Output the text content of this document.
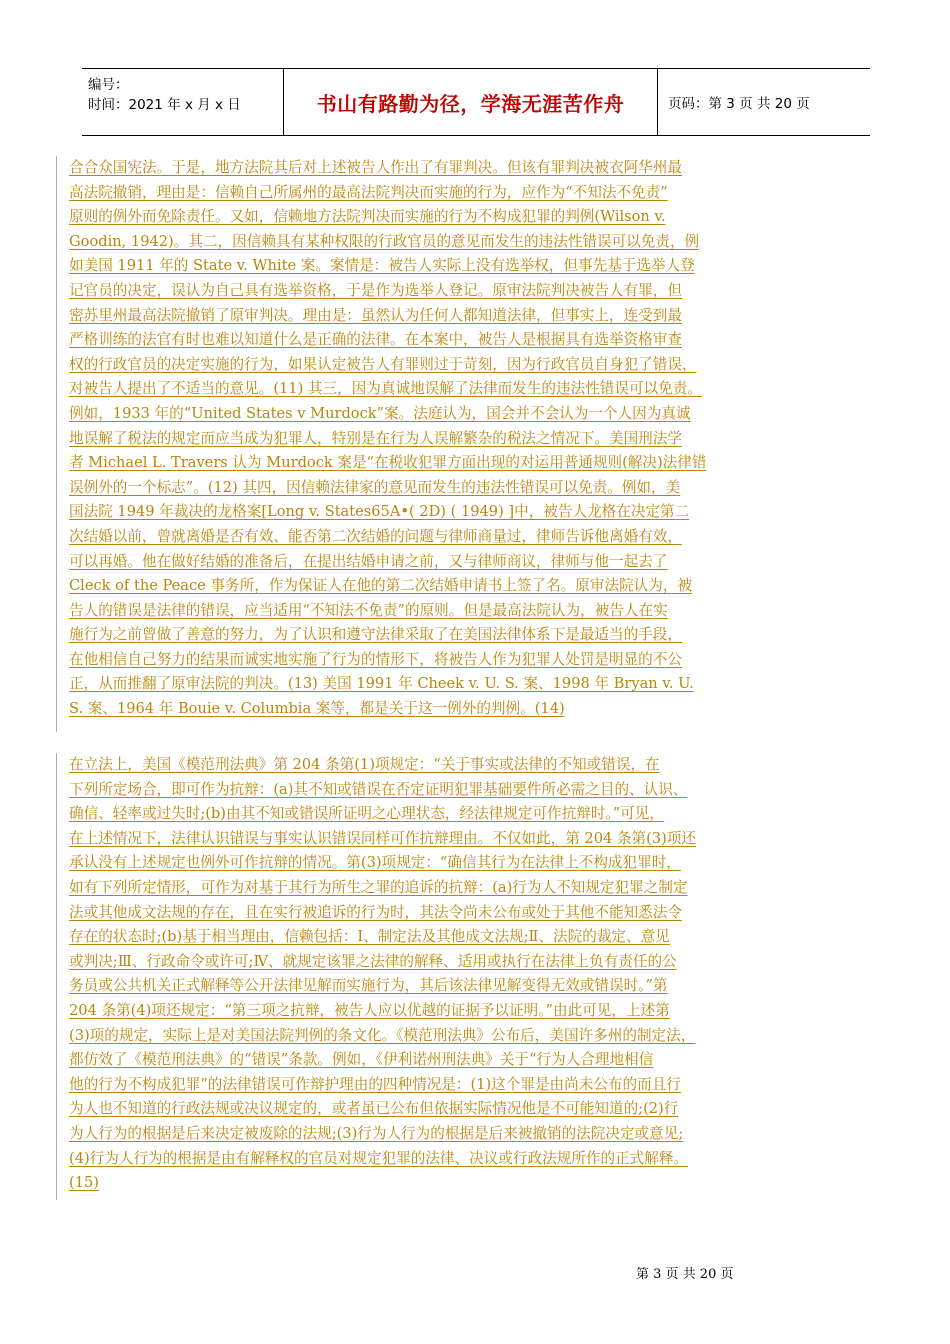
编号：
时间：2021 年 x 月 x 日	书山有路勤为径，学海无涯苦作舟	页码：第 3 页 共 20 页

合合众国宪法。于是，地方法院其后对上述被告人作出了有罪判决。但该有罪判决被衣阿华州最
高法院撤销，理由是：信赖自己所属州的最高法院判决而实施的行为，应作为“不知法不免责”
原则的例外而免除责任。又如，信赖地方法院判决而实施的行为不构成犯罪的判例(Wilson v.
Goodin, 1942)。其二，因信赖具有某种权限的行政官员的意见而发生的违法性错误可以免责，例
如美国 1911 年的 State v. White 案。案情是：被告人实际上没有选举权，但事先基于选举人登
记官员的决定，误认为自己具有选举资格，于是作为选举人登记。原审法院判决被告人有罪，但
密苏里州最高法院撤销了原审判决。理由是：虽然认为任何人都知道法律，但事实上，连受到最
严格训练的法官有时也难以知道什么是正确的法律。在本案中，被告人是根据具有选举资格审查
权的行政官员的决定实施的行为，如果认定被告人有罪则过于苛刻，因为行政官员自身犯了错误，
对被告人提出了不适当的意见。(11) 其三，因为真诚地误解了法律而发生的违法性错误可以免责。
例如，1933 年的“United States v Murdock”案。法庭认为，国会并不会认为一个人因为真诚
地误解了税法的规定而应当成为犯罪人，特别是在行为人误解繁杂的税法之情况下。美国刑法学
者 Michael L. Travers 认为 Murdock 案是“在税收犯罪方面出现的对运用普通规则(解决)法律错
误例外的一个标志”。(12) 其四，因信赖法律家的意见而发生的违法性错误可以免责。例如，美
国法院 1949 年裁决的龙格案[Long v. States65A•( 2D) ( 1949) ]中，被告人龙格在决定第二
次结婚以前，曾就离婚是否有效、能否第二次结婚的问题与律师商量过，律师告诉他离婚有效，
可以再婚。他在做好结婚的准备后，在提出结婚申请之前，又与律师商议，律师与他一起去了
Cleck of the Peace 事务所，作为保证人在他的第二次结婚申请书上签了名。原审法院认为，被
告人的错误是法律的错误，应当适用“不知法不免责”的原则。但是最高法院认为，被告人在实
施行为之前曾做了善意的努力，为了认识和遵守法律采取了在美国法律体系下是最适当的手段，
在他相信自己努力的结果而诚实地实施了行为的情形下，将被告人作为犯罪人处罚是明显的不公
正，从而推翻了原审法院的判决。(13) 美国 1991 年 Cheek v. U. S. 案、1998 年 Bryan v. U.
S. 案、1964 年 Bouie v. Columbia 案等，都是关于这一例外的判例。(14)

在立法上，美国《模范刑法典》第 204 条第(1)项规定：“关于事实或法律的不知或错误，在
下列所定场合，即可作为抗辩：(a)其不知或错误在否定证明犯罪基础要件所必需之目的、认识、
确信、轻率或过失时;(b)由其不知或错误所证明之心理状态，经法律规定可作抗辩时。”可见，
在上述情况下，法律认识错误与事实认识错误同样可作抗辩理由。不仅如此，第 204 条第(3)项还
承认没有上述规定也例外可作抗辩的情况。第(3)项规定：“确信其行为在法律上不构成犯罪时，
如有下列所定情形，可作为对基于其行为所生之罪的追诉的抗辩：(a)行为人不知规定犯罪之制定
法或其他成文法规的存在，且在实行被追诉的行为时，其法令尚未公布或处于其他不能知悉法令
存在的状态时;(b)基于相当理由，信赖包括：Ⅰ、制定法及其他成文法规;Ⅱ、法院的裁定、意见
或判决;Ⅲ、行政命令或许可;Ⅳ、就规定该罪之法律的解释、适用或执行在法律上负有责任的公
务员或公共机关正式解释等公开法律见解而实施行为，其后该法律见解变得无效或错误时。”第
204 条第(4)项还规定：“第三项之抗辩，被告人应以优越的证据予以证明。”由此可见，上述第
(3)项的规定，实际上是对美国法院判例的条文化。《模范刑法典》公布后，美国许多州的制定法，
都仿效了《模范刑法典》的“错误”条款。例如，《伊利诺州刑法典》关于“行为人合理地相信
他的行为不构成犯罪”的法律错误可作辩护理由的四种情况是：(1)这个罪是由尚未公布的而且行
为人也不知道的行政法规或决议规定的，或者虽已公布但依据实际情况他是不可能知道的;(2)行
为人行为的根据是后来决定被废除的法规;(3)行为人行为的根据是后来被撤销的法院决定或意见;
(4)行为人行为的根据是由有解释权的官员对规定犯罪的法律、决议或行政法规所作的正式解释。
(15)

第 3 页 共 20 页
